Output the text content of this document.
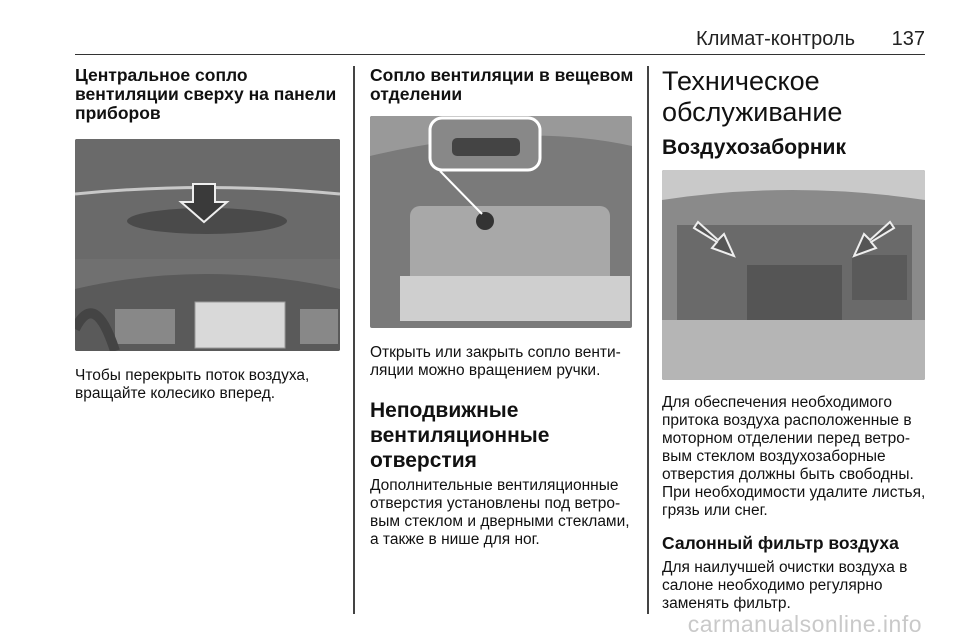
Климат-контроль 137
Центральное сопло вентиляции сверху на панели приборов
Чтобы перекрыть поток воздуха, вращайте колесико вперед.
Сопло вентиляции в вещевом отделении
Открыть или закрыть сопло венти-ляции можно вращением ручки.
Неподвижные вентиляционные отверстия
Дополнительные вентиляционные отверстия установлены под ветро-вым стеклом и дверными стеклами, а также в нише для ног.
Техническое обслуживание
Воздухозаборник
Для обеспечения необходимого притока воздуха расположенные в моторном отделении перед ветро-вым стеклом воздухозаборные отверстия должны быть свободны. При необходимости удалите листья, грязь или снег.
Салонный фильтр воздуха
Для наилучшей очистки воздуха в салоне необходимо регулярно заменять фильтр.
carmanualsonline.info
